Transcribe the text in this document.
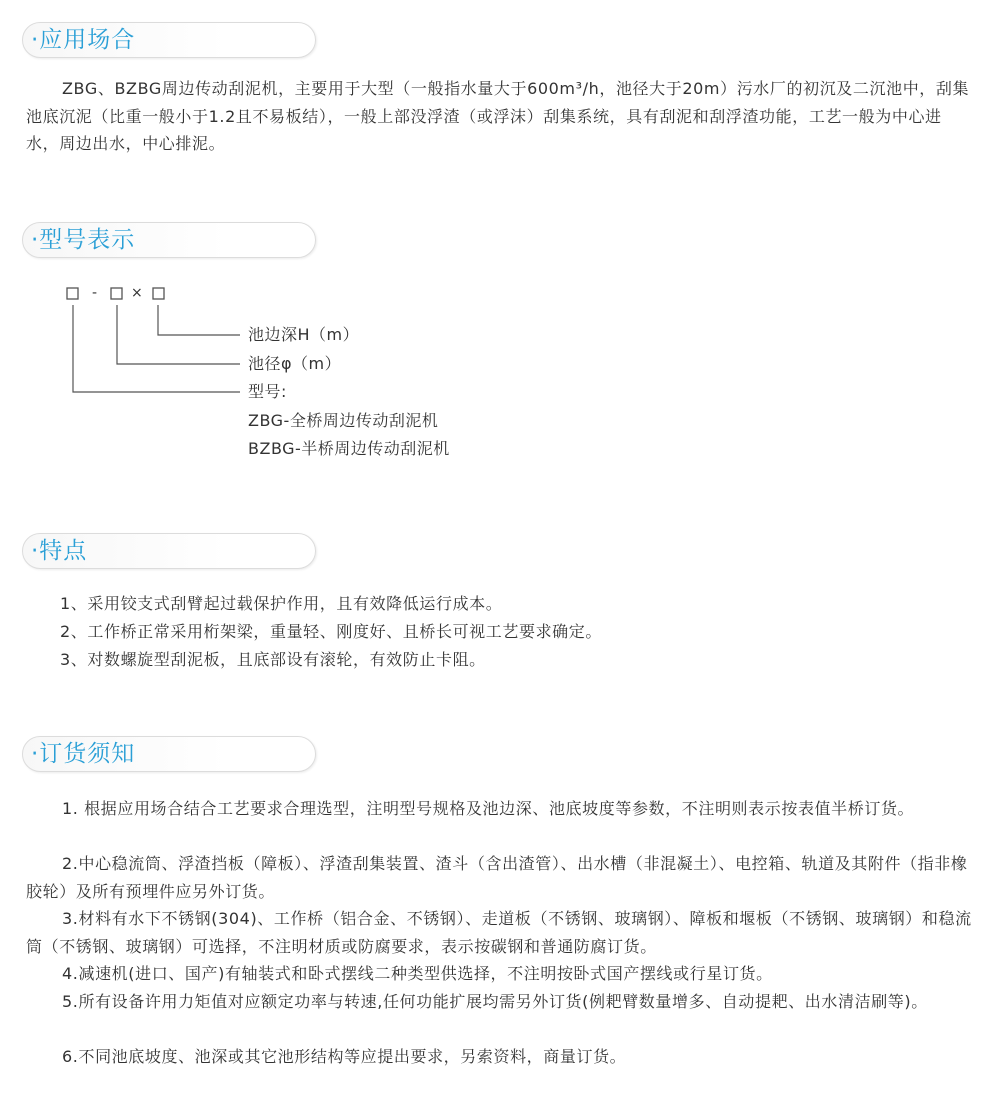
·应用场合

ZBG、BZBG周边传动刮泥机，主要用于大型（一般指水量大于600m³/h，池径大于20m）污水厂的初沉及二沉池中，刮集池底沉泥（比重一般小于1.2且不易板结），一般上部没浮渣（或浮沫）刮集系统，具有刮泥和刮浮渣功能，工艺一般为中心进水，周边出水，中心排泥。

·型号表示
- ×
池边深H（m）
池径φ（m）
型号:
ZBG-全桥周边传动刮泥机
BZBG-半桥周边传动刮泥机
·特点

1、采用铰支式刮臂起过载保护作用，且有效降低运行成本。

2、工作桥正常采用桁架梁，重量轻、刚度好、且桥长可视工艺要求确定。

3、对数螺旋型刮泥板，且底部设有滚轮，有效防止卡阻。

·订货须知

1. 根据应用场合结合工艺要求合理选型，注明型号规格及池边深、池底坡度等参数，不注明则表示按表值半桥订货。

2.中心稳流筒、浮渣挡板（障板）、浮渣刮集装置、渣斗（含出渣管）、出水槽（非混凝土）、电控箱、轨道及其附件（指非橡胶轮）及所有预埋件应另外订货。

3.材料有水下不锈钢(304)、工作桥（铝合金、不锈钢）、走道板（不锈钢、玻璃钢）、障板和堰板（不锈钢、玻璃钢）和稳流筒（不锈钢、玻璃钢）可选择，不注明材质或防腐要求，表示按碳钢和普通防腐订货。

4.减速机(进口、国产)有轴装式和卧式摆线二种类型供选择，不注明按卧式国产摆线或行星订货。

5.所有设备许用力矩值对应额定功率与转速,任何功能扩展均需另外订货(例耙臂数量增多、自动提耙、出水清洁刷等)。

6.不同池底坡度、池深或其它池形结构等应提出要求，另索资料，商量订货。
